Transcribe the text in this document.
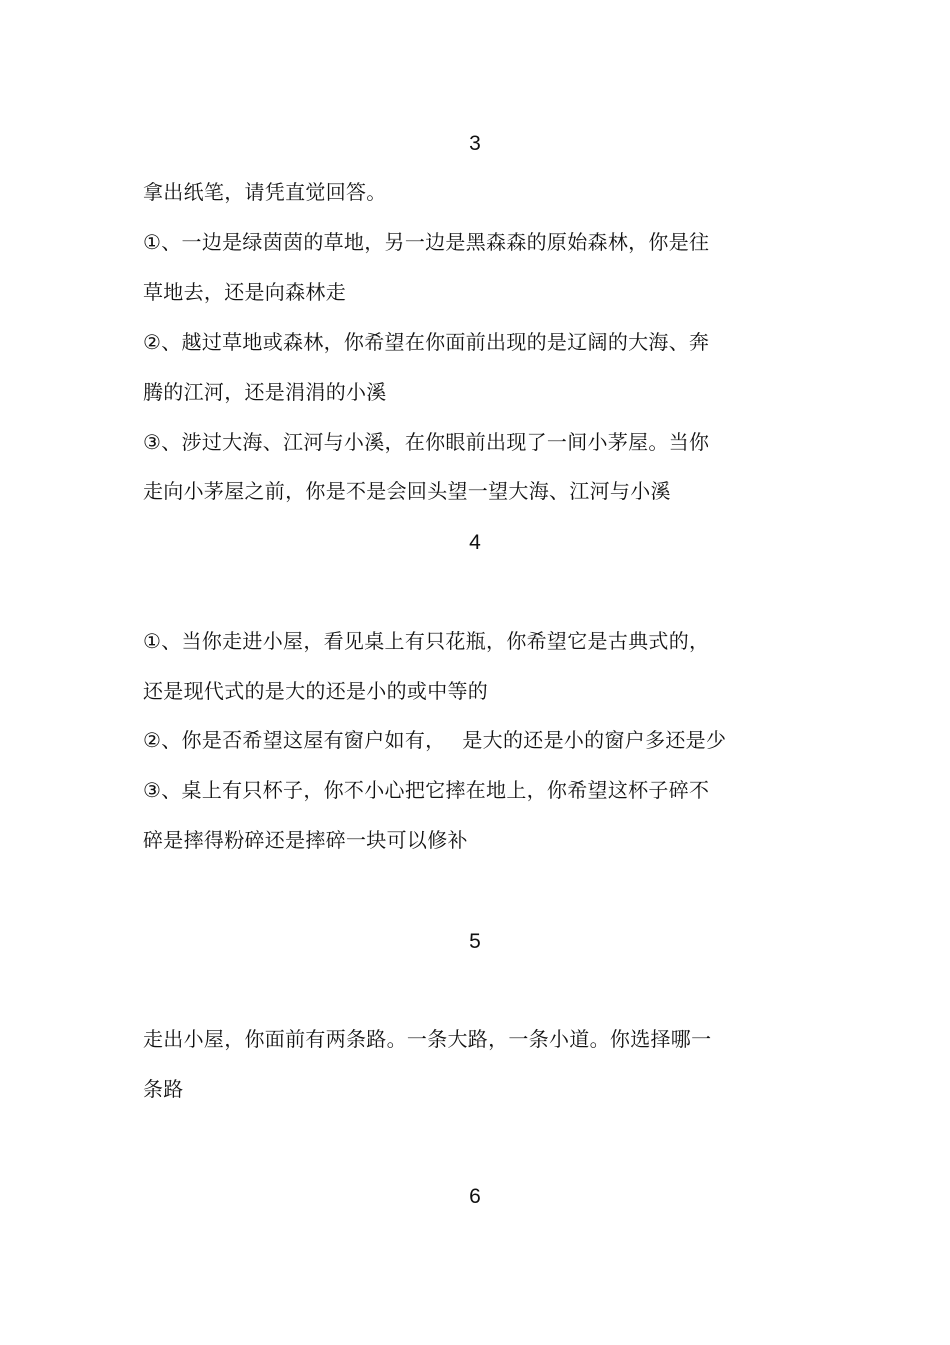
3
拿出纸笔，请凭直觉回答。
①、一边是绿茵茵的草地，另一边是黑森森的原始森林，你是往
草地去，还是向森林走
②、越过草地或森林，你希望在你面前出现的是辽阔的大海、奔
腾的江河，还是涓涓的小溪
③、涉过大海、江河与小溪，在你眼前出现了一间小茅屋。当你
走向小茅屋之前，你是不是会回头望一望大海、江河与小溪
4
①、当你走进小屋，看见桌上有只花瓶，你希望它是古典式的，
还是现代式的是大的还是小的或中等的
②、你是否希望这屋有窗户如有，　 是大的还是小的窗户多还是少
③、桌上有只杯子，你不小心把它摔在地上，你希望这杯子碎不
碎是摔得粉碎还是摔碎一块可以修补
5
走出小屋，你面前有两条路。一条大路，一条小道。你选择哪一
条路
6
